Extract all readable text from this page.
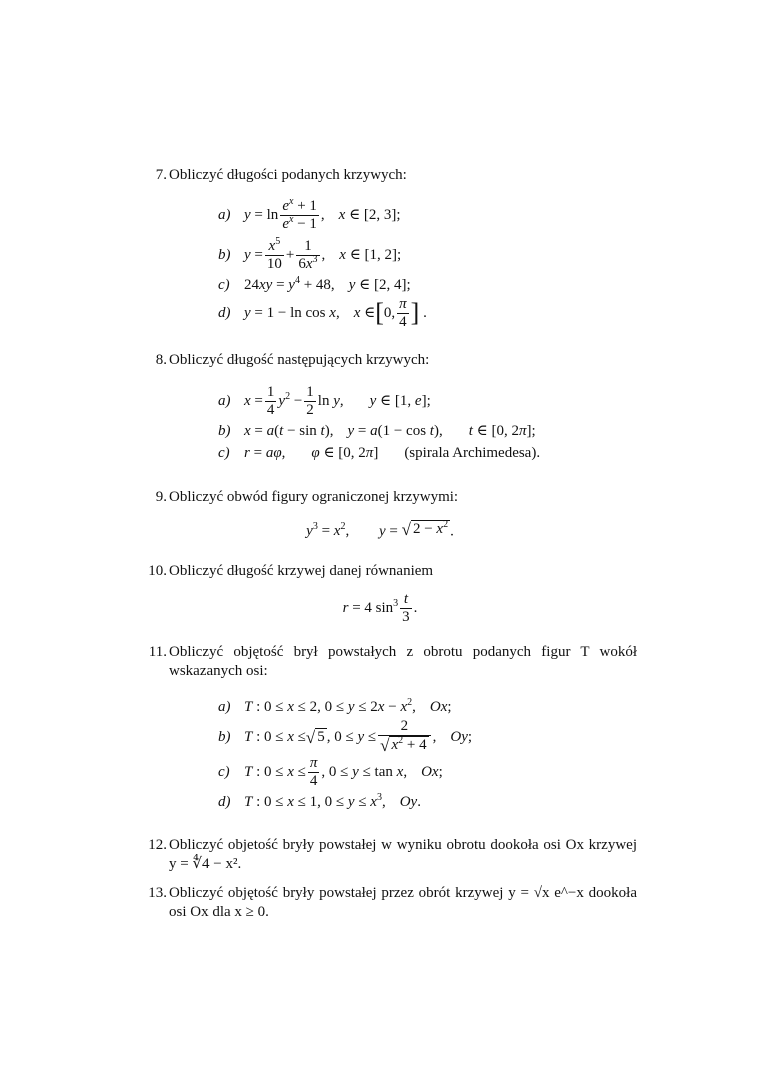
7. Obliczyć długości podanych krzywych:
a) $y = \ln \frac{e^x + 1}{e^x - 1}$ , x ∈ [2, 3];
b) $y = \frac{x^5}{10} + \frac{1}{6x^3}$ , x ∈ [1, 2];
c) $24xy = y^4 + 48$, y ∈ [2, 4];
d) y = 1 − ln cos x, x ∈ [ 0, $\frac{\pi}{4}$ ] .
8. Obliczyć długość następujących krzywych:
a) $x = \frac{1}{4} y^2 - \frac{1}{2}$ ln y, y ∈ [1, e];
b) x = a(t − sin t), y = a(1 − cos t), t ∈ [0, 2π];
c) r = aφ, φ ∈ [0, 2π] (spirala Archimedesa).
9. Obliczyć obwód figury ograniczonej krzywymi:
$y^3 = x^2$, y = √ $2 - x^2$ .
10. Obliczyć długość krzywej danej równaniem
r = 4 $\sin^3 \frac{t}{3}$ .
11. Obliczyć objętość brył powstałych z obrotu podanych figur T wokół wskazanych osi:
a) T : 0 ≤ x ≤ 2, $0 \le y \le 2x - x^2$, Ox;
b) T : 0 ≤ x ≤ √ 5 , $0 \le y \le \frac{2}{√ x^2 + 4}$ , Oy;
c) T : $0 \le x \le \frac{\pi}{4}$ , 0 ≤ y ≤ tan x, Ox;
d) T : 0 ≤ x ≤ 1, $0 \le y \le x^3$, Oy.
12. Obliczyć objetość bryły powstałej w wyniku obrotu dookoła osi Ox krzywej y = ∜4 − x².
13. Obliczyć objętość bryły powstałej przez obrót krzywej y = √x e^−x dookoła osi Ox dla x ≥ 0.
